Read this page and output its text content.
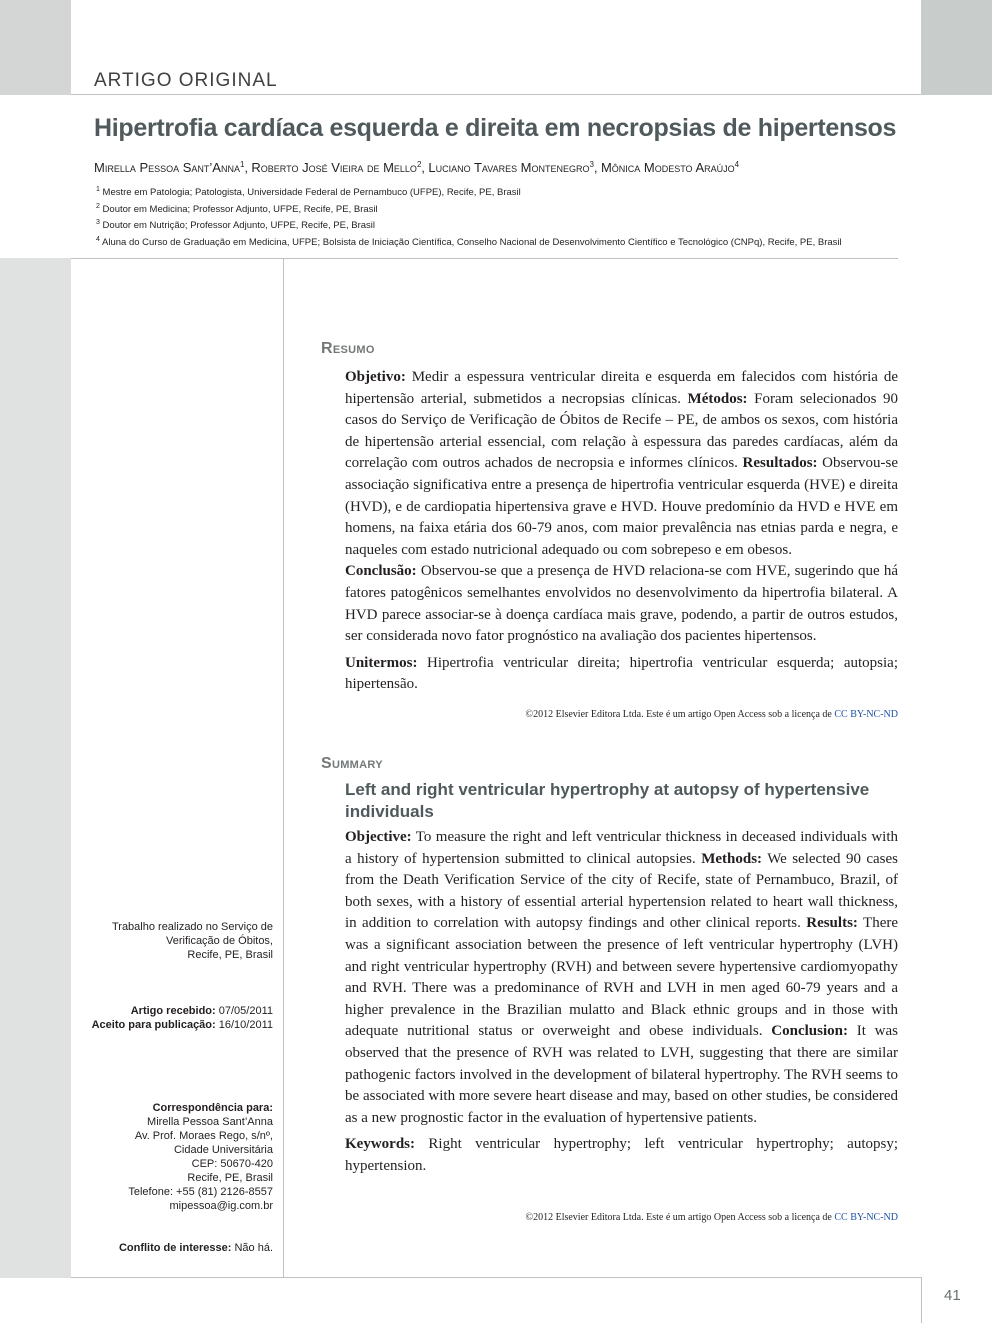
ARTIGO ORIGINAL
Hipertrofia cardíaca esquerda e direita em necropsias de hipertensos
Mirella Pessoa Sant’Anna$^1$, Roberto José Vieira de Mello$^2$, Luciano Tavares Montenegro$^3$, Mônica Modesto Araújo$^4$
$^1$ Mestre em Patologia; Patologista, Universidade Federal de Pernambuco (UFPE), Recife, PE, Brasil
$^2$ Doutor em Medicina; Professor Adjunto, UFPE, Recife, PE, Brasil
$^3$ Doutor em Nutrição; Professor Adjunto, UFPE, Recife, PE, Brasil
$^4$ Aluna do Curso de Graduação em Medicina, UFPE; Bolsista de Iniciação Científica, Conselho Nacional de Desenvolvimento Científico e Tecnológico (CNPq), Recife, PE, Brasil
Resumo

Objetivo: Medir a espessura ventricular direita e esquerda em falecidos com história de hipertensão arterial, submetidos a necropsias clínicas. Métodos: Foram selecionados 90 casos do Serviço de Verificação de Óbitos de Recife – PE, de ambos os sexos, com história de hipertensão arterial essencial, com relação à espessura das paredes cardíacas, além da correlação com outros achados de necropsia e informes clínicos. Resultados: Observou-se associação significativa entre a presença de hipertrofia ventricular esquerda (HVE) e direita (HVD), e de cardiopatia hipertensiva grave e HVD. Houve predomínio da HVD e HVE em homens, na faixa etária dos 60-79 anos, com maior prevalência nas etnias parda e negra, e naqueles com estado nutricional adequado ou com sobrepeso e em obesos.

Conclusão: Observou-se que a presença de HVD relaciona-se com HVE, sugerindo que há fatores patogênicos semelhantes envolvidos no desenvolvimento da hipertrofia bilateral. A HVD parece associar-se à doença cardíaca mais grave, podendo, a partir de outros estudos, ser considerada novo fator prognóstico na avaliação dos pacientes hipertensos.

Unitermos: Hipertrofia ventricular direita; hipertrofia ventricular esquerda; autopsia; hipertensão.

©2012 Elsevier Editora Ltda. Este é um artigo Open Access sob a licença de CC BY-NC-ND
Summary
Left and right ventricular hypertrophy at autopsy of hypertensive individuals

Objective: To measure the right and left ventricular thickness in deceased individuals with a history of hypertension submitted to clinical autopsies. Methods: We selected 90 cases from the Death Verification Service of the city of Recife, state of Pernambuco, Brazil, of both sexes, with a history of essential arterial hypertension related to heart wall thickness, in addition to correlation with autopsy findings and other clinical reports. Results: There was a significant association between the presence of left ventricular hypertrophy (LVH) and right ventricular hypertrophy (RVH) and between severe hypertensive cardiomyopathy and RVH. There was a predominance of RVH and LVH in men aged 60-79 years and a higher prevalence in the Brazilian mulatto and Black ethnic groups and in those with adequate nutritional status or overweight and obese individuals. Conclusion: It was observed that the presence of RVH was related to LVH, suggesting that there are similar pathogenic factors involved in the development of bilateral hypertrophy. The RVH seems to be associated with more severe heart disease and may, based on other studies, be considered as a new prognostic factor in the evaluation of hypertensive patients.

Keywords: Right ventricular hypertrophy; left ventricular hypertrophy; autopsy; hypertension.

©2012 Elsevier Editora Ltda. Este é um artigo Open Access sob a licença de CC BY-NC-ND

Trabalho realizado no Serviço de

Verificação de Óbitos,

Recife, PE, Brasil

Artigo recebido: 07/05/2011

Aceito para publicação: 16/10/2011

Correspondência para:

Mirella Pessoa Sant’Anna

Av. Prof. Moraes Rego, s/nº,

Cidade Universitária

CEP: 50670-420

Recife, PE, Brasil

Telefone: +55 (81) 2126-8557

mipessoa@ig.com.br

Conflito de interesse: Não há.

41
